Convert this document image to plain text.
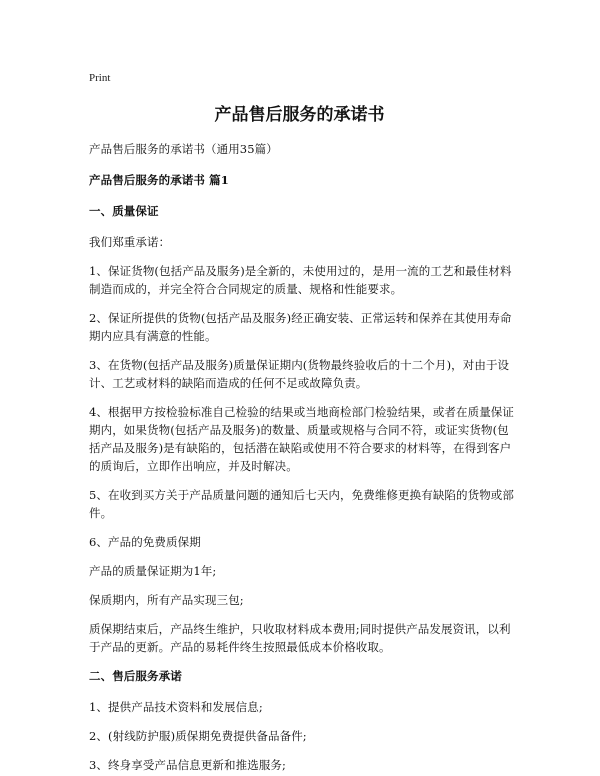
Print
产品售后服务的承诺书
产品售后服务的承诺书（通用35篇）
产品售后服务的承诺书 篇1
一、质量保证
我们郑重承诺：
1、保证货物(包括产品及服务)是全新的，未使用过的，是用一流的工艺和最佳材料制造而成的，并完全符合合同规定的质量、规格和性能要求。
2、保证所提供的货物(包括产品及服务)经正确安装、正常运转和保养在其使用寿命期内应具有满意的性能。
3、在货物(包括产品及服务)质量保证期内(货物最终验收后的十二个月)，对由于设计、工艺或材料的缺陷而造成的任何不足或故障负责。
4、根据甲方按检验标准自己检验的结果或当地商检部门检验结果，或者在质量保证期内，如果货物(包括产品及服务)的数量、质量或规格与合同不符，或证实货物(包括产品及服务)是有缺陷的，包括潜在缺陷或使用不符合要求的材料等，在得到客户的质询后，立即作出响应，并及时解决。
5、在收到买方关于产品质量问题的通知后七天内，免费维修更换有缺陷的货物或部件。
6、产品的免费质保期
产品的质量保证期为1年;
保质期内，所有产品实现三包;
质保期结束后，产品终生维护，只收取材料成本费用;同时提供产品发展资讯，以利于产品的更新。产品的易耗件终生按照最低成本价格收取。
二、售后服务承诺
1、提供产品技术资料和发展信息;
2、(射线防护服)质保期免费提供备品备件;
3、终身享受产品信息更新和推选服务;
